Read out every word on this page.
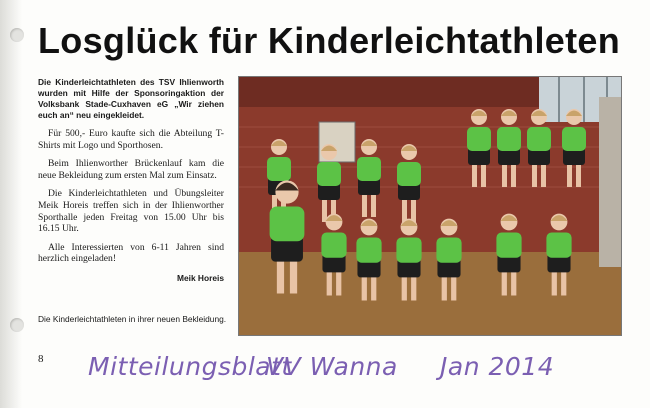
Losglück für Kinderleichtathleten

Die Kinderleichtathleten des TSV Ihlienworth wurden mit Hilfe der Sponsoringaktion der Volksbank Stade-Cuxhaven eG „Wir ziehen euch an“ neu eingekleidet.

Für 500,- Euro kaufte sich die Abteilung T-Shirts mit Logo und Sporthosen.

Beim Ihlienworther Brückenlauf kam die neue Bekleidung zum ersten Mal zum Einsatz.

Die Kinderleichtathleten und Übungsleiter Meik Horeis treffen sich in der Ihlienworther Sporthalle jeden Freitag von 15.00 Uhr bis 16.15 Uhr.

Alle Interessierten von 6-11 Jahren sind herzlich eingeladen!

Meik Horeis

Die Kinderleichtathleten in ihrer neuen Bekleidung.
8 Mitteilungsblatt
VV Wanna Jan 2014
